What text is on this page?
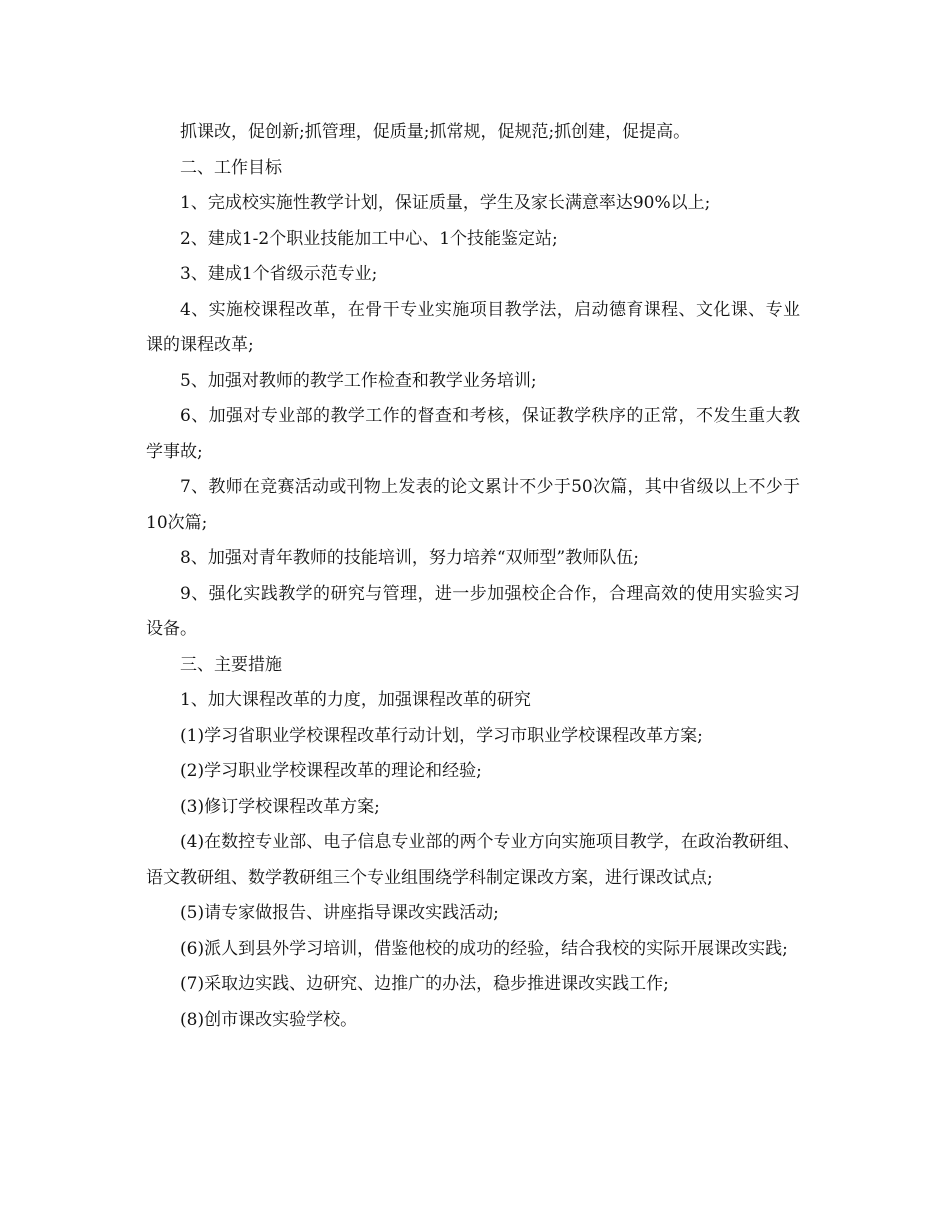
抓课改，促创新;抓管理，促质量;抓常规，促规范;抓创建，促提高。

二、工作目标

1、完成校实施性教学计划，保证质量，学生及家长满意率达90%以上;

2、建成1-2个职业技能加工中心、1个技能鉴定站;

3、建成1个省级示范专业;

4、实施校课程改革，在骨干专业实施项目教学法，启动德育课程、文化课、专业课的课程改革;

5、加强对教师的教学工作检查和教学业务培训;

6、加强对专业部的教学工作的督查和考核，保证教学秩序的正常，不发生重大教学事故;

7、教师在竞赛活动或刊物上发表的论文累计不少于50次篇，其中省级以上不少于10次篇;

8、加强对青年教师的技能培训，努力培养“双师型”教师队伍;

9、强化实践教学的研究与管理，进一步加强校企合作，合理高效的使用实验实习设备。

三、主要措施

1、加大课程改革的力度，加强课程改革的研究

(1)学习省职业学校课程改革行动计划，学习市职业学校课程改革方案;

(2)学习职业学校课程改革的理论和经验;

(3)修订学校课程改革方案;

(4)在数控专业部、电子信息专业部的两个专业方向实施项目教学，在政治教研组、语文教研组、数学教研组三个专业组围绕学科制定课改方案，进行课改试点;

(5)请专家做报告、讲座指导课改实践活动;

(6)派人到县外学习培训，借鉴他校的成功的经验，结合我校的实际开展课改实践;

(7)采取边实践、边研究、边推广的办法，稳步推进课改实践工作;

(8)创市课改实验学校。
